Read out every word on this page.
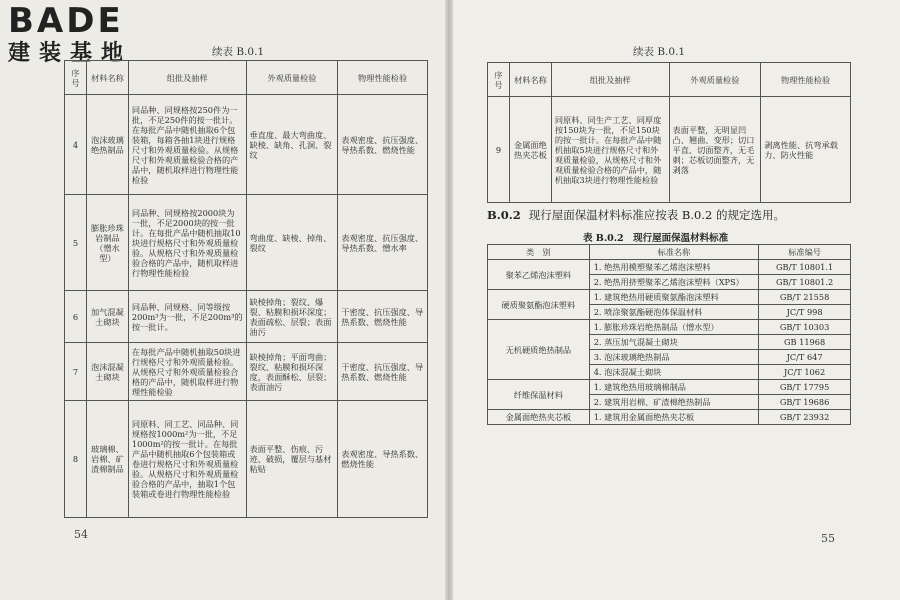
BADE
建装基地	续表 B.0.1
序号	材料名称	组批及抽样	外观质量检验	物理性能检验
4	泡沫玻璃绝热制品	同品种、同规格按250件为一批，不足250件的按一批计。在每批产品中随机抽取6个包装箱，每箱各抽1块进行规格尺寸和外观质量检验。从规格尺寸和外观质量检验合格的产品中，随机取样进行物理性能检验	垂直度、最大弯曲度、缺棱、缺角、孔洞、裂纹	表观密度、抗压强度、导热系数、燃烧性能
5	膨胀珍珠岩制品（憎水型）	同品种、同规格按2000块为一批，不足2000块的按一批计。在每批产品中随机抽取10块进行规格尺寸和外观质量检验。从规格尺寸和外观质量检验合格的产品中，随机取样进行物理性能检验	弯曲度、缺棱、掉角、裂纹	表观密度、抗压强度、导热系数、憎水率
6	加气混凝土砌块	同品种、同规格、同等级按200m³为一批，不足200m³的按一批计。	缺棱掉角；裂纹、爆裂、粘膜和损坏深度；表面疏松、层裂；表面油污	干密度、抗压强度、导热系数、燃烧性能
7	泡沫混凝土砌块	在每批产品中随机抽取50块进行规格尺寸和外观质量检验。从规格尺寸和外观质量检验合格的产品中，随机取样进行物理性能检验	缺棱掉角；平面弯曲；裂纹、粘膜和损坏深度，表面酥松、层裂；表面油污	干密度、抗压强度、导热系数、燃烧性能
8	玻璃棉、岩棉、矿渣棉制品	同原料、同工艺、同品种、同规格按1000m²为一批，不足1000m²的按一批计。在每批产品中随机抽取6个包装箱或卷进行规格尺寸和外观质量检验。从规格尺寸和外观质量检验合格的产品中，抽取1个包装箱或卷进行物理性能检验	表面平整、伤痕、污迹、破损，覆层与基材粘贴	表观密度、导热系数、燃烧性能
54
续表 B.0.1
序号	材料名称	组批及抽样	外观质量检验	物理性能检验
9	金属面绝热夹芯板	同原料、同生产工艺、同厚度按150块为一批，不足150块的按一批计。在每批产品中随机抽取5块进行规格尺寸和外观质量检验，从规格尺寸和外观质量检验合格的产品中，随机抽取3块进行物理性能检验	表面平整，无明显凹凸、翘曲、变形；切口平直、切面整齐，无毛刺；芯板切面整齐，无剥落	剥离性能、抗弯承载力、防火性能
B.0.2 现行屋面保温材料标准应按表 B.0.2 的规定选用。
表 B.0.2　现行屋面保温材料标准
类　别	标准名称	标准编号
聚苯乙烯泡沫塑料	1. 绝热用模塑聚苯乙烯泡沫塑料	GB/T 10801.1
	2. 绝热用挤塑聚苯乙烯泡沫塑料（XPS）	GB/T 10801.2
硬质聚氨酯泡沫塑料	1. 建筑绝热用硬质聚氨酯泡沫塑料	GB/T 21558
	2. 喷涂聚氨酯硬泡体保温材料	JC/T 998
无机硬质绝热制品	1. 膨胀珍珠岩绝热制品（憎水型）	GB/T 10303
	2. 蒸压加气混凝土砌块	GB 11968
	3. 泡沫玻璃绝热制品	JC/T 647
	4. 泡沫混凝土砌块	JC/T 1062
纤维保温材料	1. 建筑绝热用玻璃棉制品	GB/T 17795
	2. 建筑用岩棉、矿渣棉绝热制品	GB/T 19686
金属面绝热夹芯板	1. 建筑用金属面绝热夹芯板	GB/T 23932
55
